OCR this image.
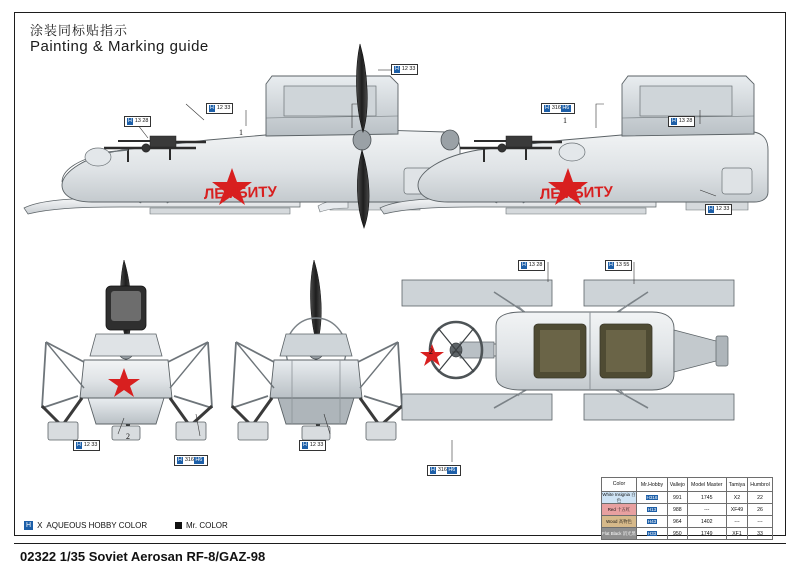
涂装同标贴指示
Painting & Marking guide
ЛЕМБИТУ	ЛЕМБИТУ
H 12
33
H 12
33
H 13
28	H 13
28
H 316 H6
H 12
33
H 12
33	H 12
33
H 316 H6
H 316 H6
H 13
28	H 13
55
1
1
2
2
H X AQUEOUS HOBBY COLOR	Mr. COLOR
Color	Mr.Hobby	Vallejo	Model Master	Tamiya	Humbrol
White Insignia 白色	H316	991	1745	X2	22
Red 十五红	H13	988	---	XF49	26
Wood 高物色	H43	964	1402	---	---
Flat Black 消光黑	H33	950	1749	XF1	33
02322 1/35 Soviet Aerosan RF-8/GAZ-98
